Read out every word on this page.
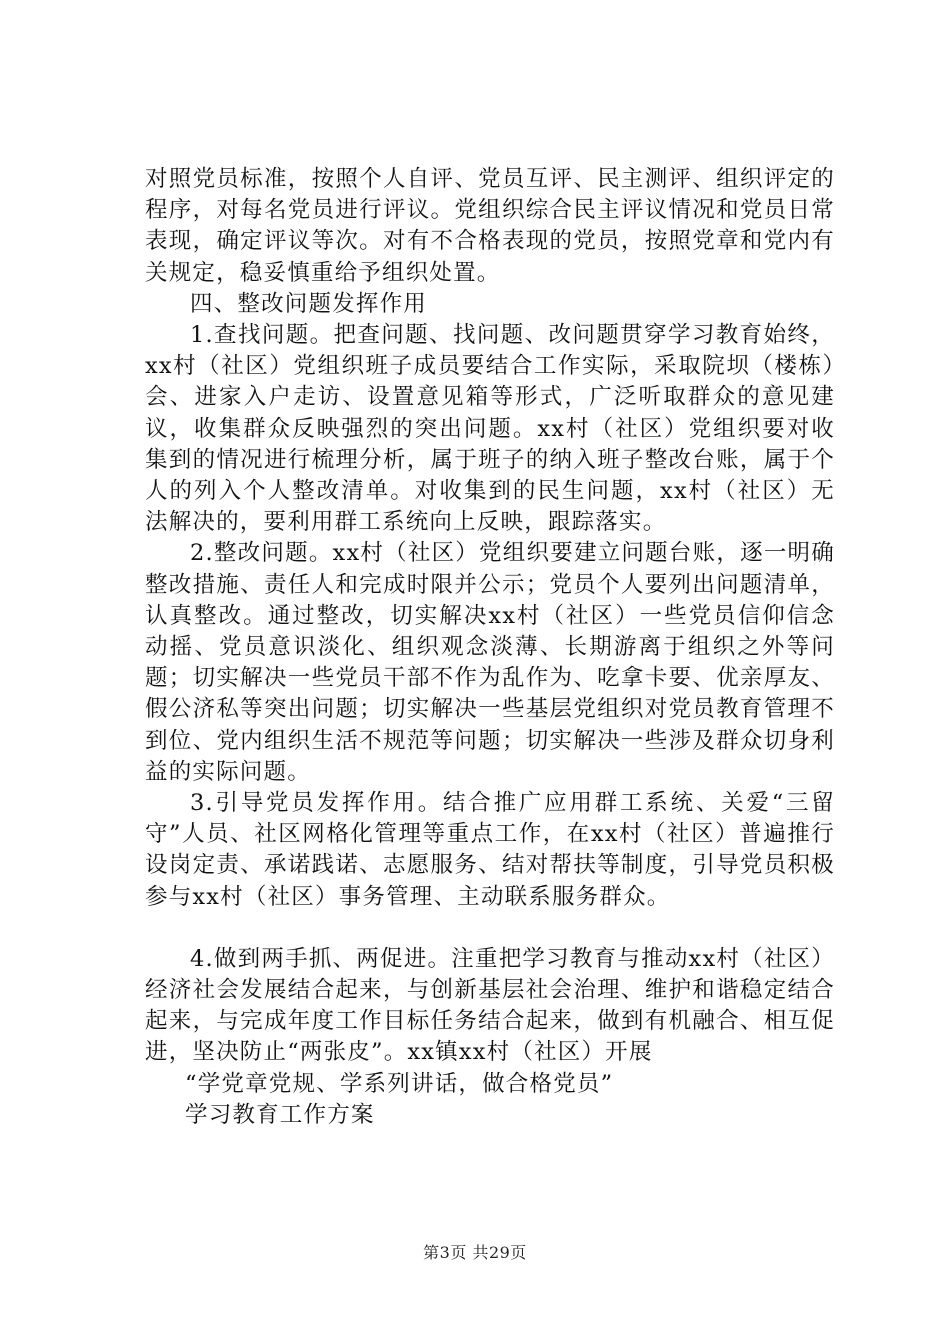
对照党员标准，按照个人自评、党员互评、民主测评、组织评定的程序，对每名党员进行评议。党组织综合民主评议情况和党员日常表现，确定评议等次。对有不合格表现的党员，按照党章和党内有关规定，稳妥慎重给予组织处置。

四、整改问题发挥作用

1.查找问题。把查问题、找问题、改问题贯穿学习教育始终，xx村（社区）党组织班子成员要结合工作实际，采取院坝（楼栋）会、进家入户走访、设置意见箱等形式，广泛听取群众的意见建议，收集群众反映强烈的突出问题。xx村（社区）党组织要对收集到的情况进行梳理分析，属于班子的纳入班子整改台账，属于个人的列入个人整改清单。对收集到的民生问题，xx村（社区）无法解决的，要利用群工系统向上反映，跟踪落实。

2.整改问题。xx村（社区）党组织要建立问题台账，逐一明确整改措施、责任人和完成时限并公示；党员个人要列出问题清单，认真整改。通过整改，切实解决xx村（社区）一些党员信仰信念动摇、党员意识淡化、组织观念淡薄、长期游离于组织之外等问题；切实解决一些党员干部不作为乱作为、吃拿卡要、优亲厚友、假公济私等突出问题；切实解决一些基层党组织对党员教育管理不到位、党内组织生活不规范等问题；切实解决一些涉及群众切身利益的实际问题。

3.引导党员发挥作用。结合推广应用群工系统、关爱“三留守”人员、社区网格化管理等重点工作，在xx村（社区）普遍推行设岗定责、承诺践诺、志愿服务、结对帮扶等制度，引导党员积极参与xx村（社区）事务管理、主动联系服务群众。

4.做到两手抓、两促进。注重把学习教育与推动xx村（社区）经济社会发展结合起来，与创新基层社会治理、维护和谐稳定结合起来，与完成年度工作目标任务结合起来，做到有机融合、相互促进，坚决防止“两张皮”。xx镇xx村（社区）开展

“学党章党规、学系列讲话，做合格党员”

学习教育工作方案

第3页 共29页
